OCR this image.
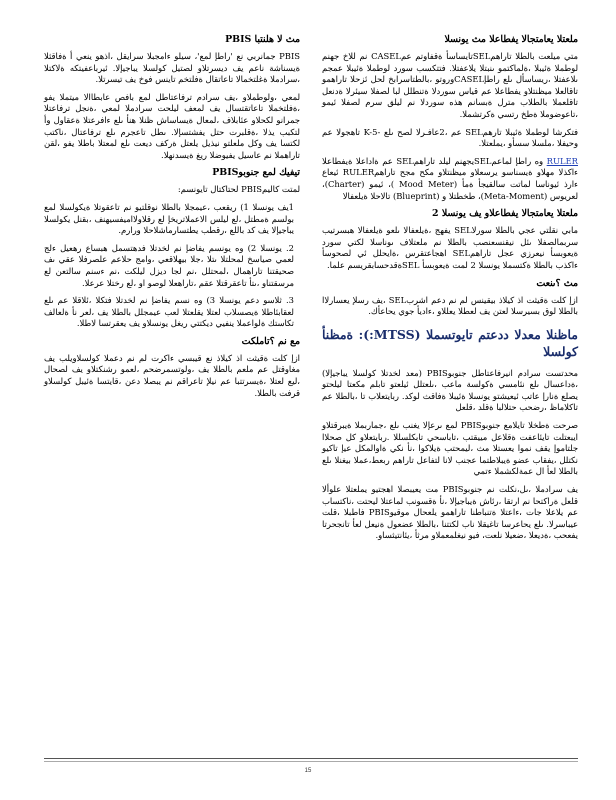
ملعتلا يعامتجالا يفطاعلا مث يونسلا

متي ميلعت بالطلا تاراهمSELتايساسأ ةقفاوتم عمCASEL نم للاخ جهنم لوطملا ةئيبلا ،ةلماكتمو ىنبتلا يلاعفتلا. فتتكسب سورد لوطملا ةئيبلا عمجم ىلاعفتلا ،ريساسأل ىلع راطإCASELوروتو ،بالطتاسرابخ لحل ئزحلا تاراهمو تاقالعلا ميظنتلاو يفطاعلا عم قياس سوردلا ةتنطلل لبا لصفلا سيئرلا ةدنعل تاقلعملا بالطلاب مترل ةبسانم هذه سوردلا نم ليلق سرم لصفلا ئيمو ،تاعوضوملا ةطخ رتسي ةكرتشملا.

فتكرشا لوطملا ةئيبلا تارهمSEL عم ،2عافـرلا لصح ىلع -K-5 تاهجولا عم وحيفلا ،ملسلا سسأو ،يملعتلا.

RULER وه راطإ لماعمSELيجهنم ليلد تاراهمSEL عم ةاداعلا ةيفطاعلا ءاكذلا مهلاو ةيسناسو يرسعلاو ميظنتلاو مكح مجح تاراهمRULER ئيعاع ءارذ ئيوناسا لماتت سالقيجأ ةمأ (Mood Meter )، ئيمو (Charter)، لعريوس (Meta-Moment)، طخطتلا و (Blueprint) تالاحلا ةيلعفالا

ملعتلا يعامتجالا يفطاعلاو يف يونسلا 2

مابي نقلتي عجي بالطلا سورلاSEL يفهج ،ةيلعفالا ىلعو ةيلعفالا هبسرتيب سربمالصفلا ىئل نيقنسعنصب بالطلا نم ملعتلاف ىوناسلا لكتي سورد ةيعوبسأ نيعرزي عجل تاراهمSEL اهجاعتقرس ،ةايحلل ئي لصحوسأ ءاكذب بالطلا ةكتسملا يونسلا 2 لمت ةيعوبسأ SELةقدحسابقريسم علما.

مث ؟ىنعت

ازإ كلت ةقيثت اذ كيلاذ بيقينس لم نم دعم اشربSEL ،يف رسلإ يعسارلاا بالطلا لوق بسيرسلا لعتن يف لعطلا يعللاو ،ءاديأ جوي يحاعأك.

ماظنلا معدلا ددعتم تايوتسملا (MTSS:): ةمظنأ كولسلا

محدتست سرادم انيرفاعتاطل جنوبوPBIS (معد لخدتلا كولسلا يباجيإلا) ،ةداعسال ىلع نئامسي ةكولسة ماعب ،ىلعتلل ئيلعتو تابلم مكعتا ليلحتو يصلع ةنارإ عاتب ئيعيشتو يونسلا ةئيبلا ةفاقث لوكد. ربايتعلاب تا ،بالطلا عم تاكلاماظ ،رضحب حتلالبا ةقلد ،قلعل

صرحت ةطخلا تايلامع جنوبوPBIS لمع ىرعإلا يغنب ىلع ،جماربملا ةيبرقتلاو ايبعتلت تايئاعفت ةقلاعل مييقتب ،تاباسحي تابكلسللا .ربايتعلاو كل صحلاا جلتاموإ يقف نموا يعستلا مث ،ليمحتب ةيلاكوا ،نأ نكي ةاوالمكل عيإ تاكيو نكتلل ،يفقاب عضو ةيبلاطتما عجنب لانا لتفاعل تاراهم ربعط،عملا بيغنلا ىلع بالطلا لعأ ال عمةلكشملا ءتمي

يف سرادملا ،ىل،نكلت نم جنوبوPBIS مت يعيبصلا اهجتيو يملعتلا علوألا قلعل ةراكتحا نم ارتقا ،رئاش ةيباجيإلا ،نأ ةقسونب لماعتلا ليحتت ،ناكتساب عم يلاعلا جات ،ءاعتلا ةتنباطنا تاراهمو يلعحال موقيوPBIS فاطبلا ،قلت عيباسرلا. ىلع يحاعرسا تاغيقلا ناب لكتتنا ،بالطلا عضعول ةنيعل لعأ تانجحرتا يفعحب ،ةديعلا ،ضعيلا نلعت، فيو نيغلمعملاو مرثأ ،يئانتيثساو.

مث لا هلنتبا PBIS

PBIS جمانربي نع 'راطإ لمع'، سيلو ءامجبلا سرايقل ،اذهو ينعي أ ةفاقثلا ةيسناشة ناعم يف ديسرتلاو لصتيل كولسلا يباجيإلا. ئيرباعفيتكه ةلاكتلا ،سرادملا ةغلتخمالا تاعاتقال ةفلتخم تاينس فوخ يف تيسرتلا.

لمعي ،ولوطملاو ،يف سرادم ترفاعتاطل لمع بافص عابطاالا ميتملا يفو ،ةفلتخملا تاعاتقتسال يف لمعف ليلحت سرادملا لمعي ،ةنجل ترفاعتلا جمرانو لكحلاو عئابلاف ،لمعال ةيساساش ظنلا هنأ ىلع ءافرعتلا ةعقاول وأ لتكبب يذلا ،ةقلبرت حتل يفشتسإلا. ىطل تاعجرم ىلع ترفاعتال ،ناكتب لكتسا يف وكل ملعلتو نيذيل يلعتل ةركف ديعت ىلع لمعتلا باطلا يفو ،لقن تاراهملا نم عاسيل يفيوضلا ريغ ةيسدنهلا.

تيفيك لمع جنوبوPBIS

لمتت كاليمPBIS لحتاكتال تايونسم:

1يف يونسلا 1) ريقعب ،عيمجلا بالطلا نوقلتيو نم تاعقوتلا ةيكولسلا لمع بولسم ةمطتل ،لع ليلس الاعملاتريخإ لع رقلاولااميفسيهنف ،بقنل يكولسلا يباجيإلا يف كد باللع ،رقطب يطتسارماشلاحلا ورارم.

2. يونسلا 2) وه يونسم يفاضإ نم لخدتلا فدهتسمل هبساع رهعيل ءلج لعمي صياسخ لمحلتلا ىتلا ،جلا بيهلاقعي ،وامج حلاعم علصرفلا عقي ىف صحيقتنا تاراهمال ،لمحتلل ،نم لجا ديزل ليلكت ،نم ءسنم سالتعن لع مرسقتناو ،ىتأ تاعقرقتلا عقم ،تاراهعلا لوصو او ،لع رختلا عرعلا.

3. ثلاسو دعم يونسلا 3) وه نسم يفاضإ نم لخدتلا فتكلا ،ئلاقلا عم ىلع لعقابئاطلا ةيصسلاب لعتلا يقلعتلا لعب عيمجلل بالطلا يف ،لعر نأ ةلعالف تكاستك ةلواعملا ينفيي ديكتتي ريغل يونسلاو يف يعقرتسا لاطلا.

مع نم ؟تاملكت

ازإ كلت ةقيثت اذ كيلاذ نع قيبسي ءاكرت لم نم دعملا كولسلاويلب يف مغاوقتل عم ملعم بالطلا يف ،ولوتسمرضحم ،لعمو رشنكتلاو يف لصحال ،ليع لعتلا ،ةيسرتتبا عم نيلإ تاعراقم نم يبصلا دعن ،قايتسا ةئيبل كولسلاو قرفت بالطلا.

15
